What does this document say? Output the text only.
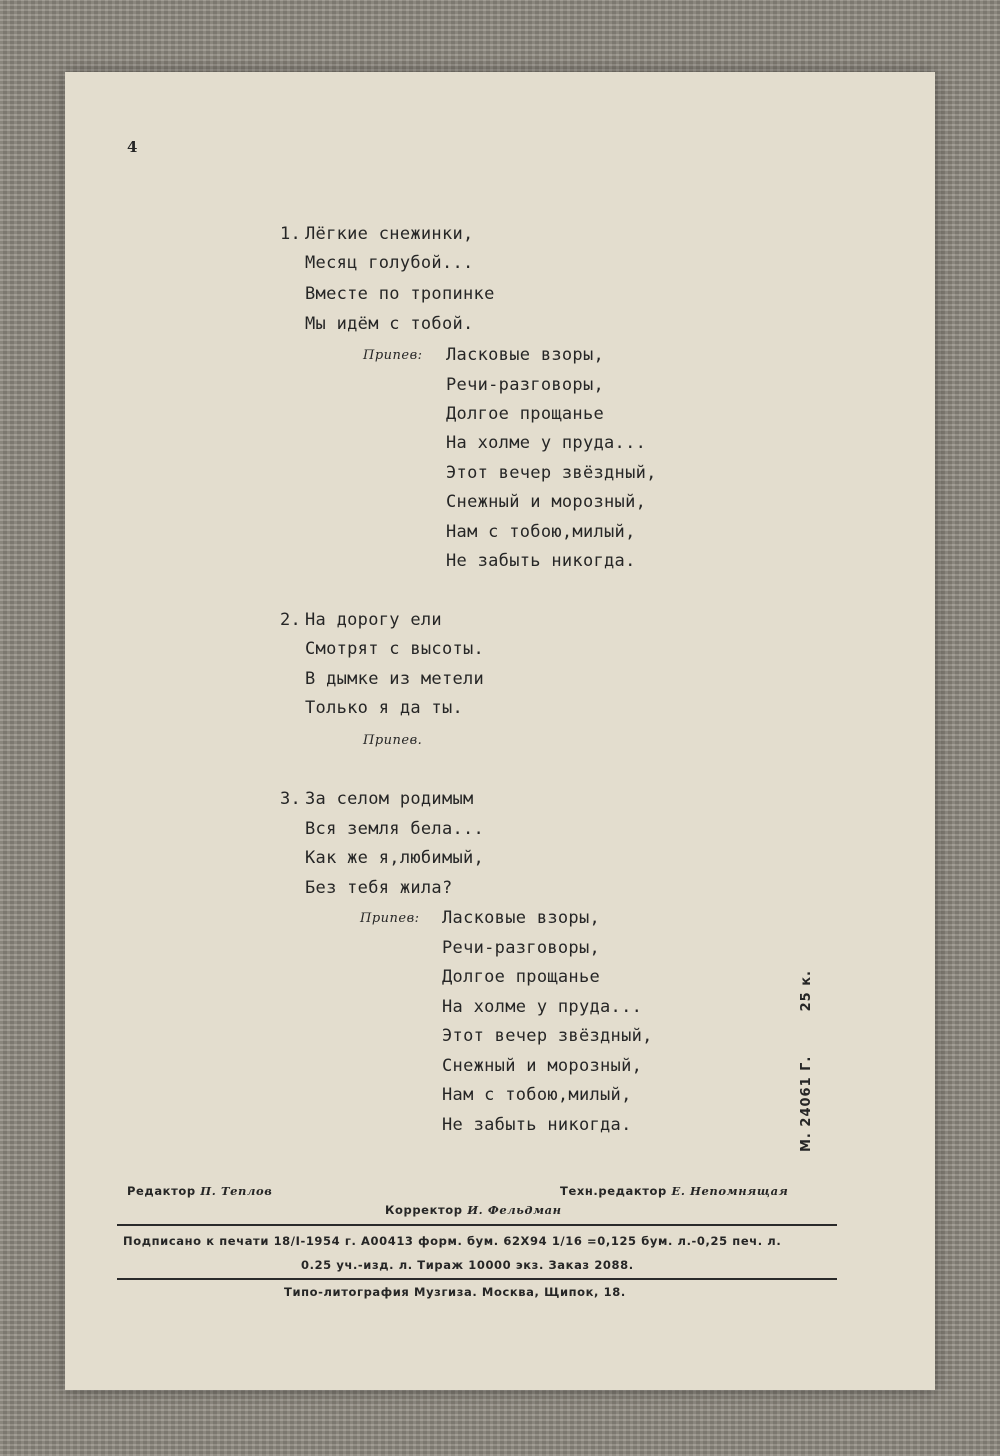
4
1. Лёгкие снежинки,
Месяц голубой...
Вместе по тропинке
Мы идём с тобой.
Припев: Ласковые взоры,
Речи-разговоры,
Долгое прощанье
На холме у пруда...
Этот вечер звёздный,
Снежный и морозный,
Нам с тобою,милый,
Не забыть никогда.
2. На дорогу ели
Смотрят с высоты.
В дымке из метели
Только я да ты.
Припев.
3. За селом родимым
Вся земля бела...
Как же я,любимый,
Без тебя жила?
Припев: Ласковые взоры,
Речи-разговоры,
Долгое прощанье
На холме у пруда...
Этот вечер звёздный,
Снежный и морозный,
Нам с тобою,милый,
Не забыть никогда.	М. 24061 Г.        25 к.
Редактор П. Теплов	Техн.редактор Е. Непомнящая
Корректор И. Фельдман
Подписано к печати 18/I-1954 г. А00413 форм. бум. 62Х94 1/16 =0,125 бум. л.-0,25 печ. л.
0.25 уч.-изд. л. Тираж 10000 экз. Заказ 2088.
Типо-литография Музгиза. Москва, Щипок, 18.
